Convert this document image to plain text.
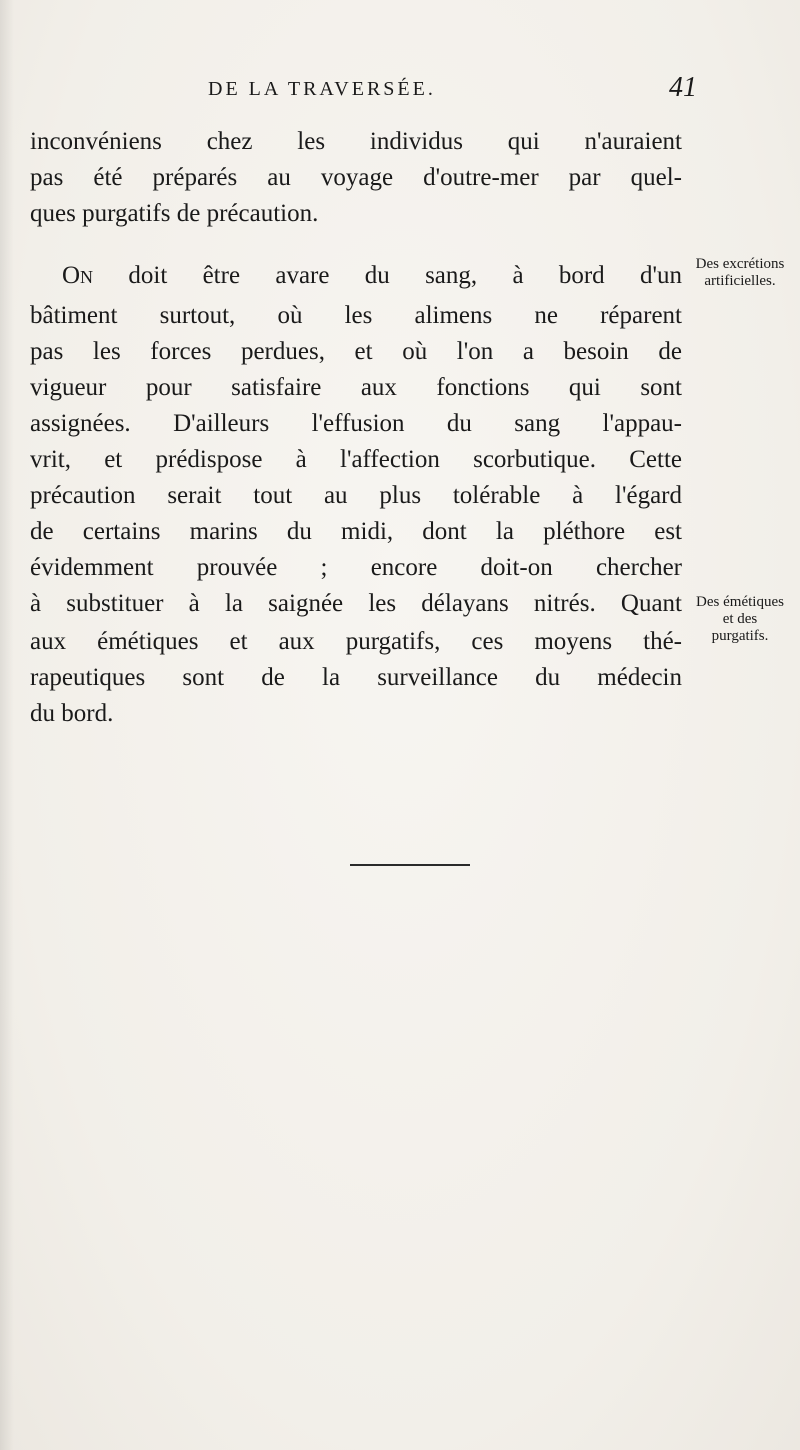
DE LA TRAVERSÉE.	41
inconvéniens chez les individus qui n'auraient
pas été préparés au voyage d'outre-mer par quel-
ques purgatifs de précaution.
On doit être avare du sang, à bord d'un
bâtiment surtout, où les alimens ne réparent
pas les forces perdues, et où l'on a besoin de
vigueur pour satisfaire aux fonctions qui sont
assignées. D'ailleurs l'effusion du sang l'appau-
vrit, et prédispose à l'affection scorbutique. Cette
précaution serait tout au plus tolérable à l'égard
de certains marins du midi, dont la pléthore est
évidemment prouvée ; encore doit-on chercher
à substituer à la saignée les délayans nitrés. Quant
aux émétiques et aux purgatifs, ces moyens thé-
rapeutiques sont de la surveillance du médecin
du bord.
Des excrétions
artificielles.
Des émétiques
et des
purgatifs.
